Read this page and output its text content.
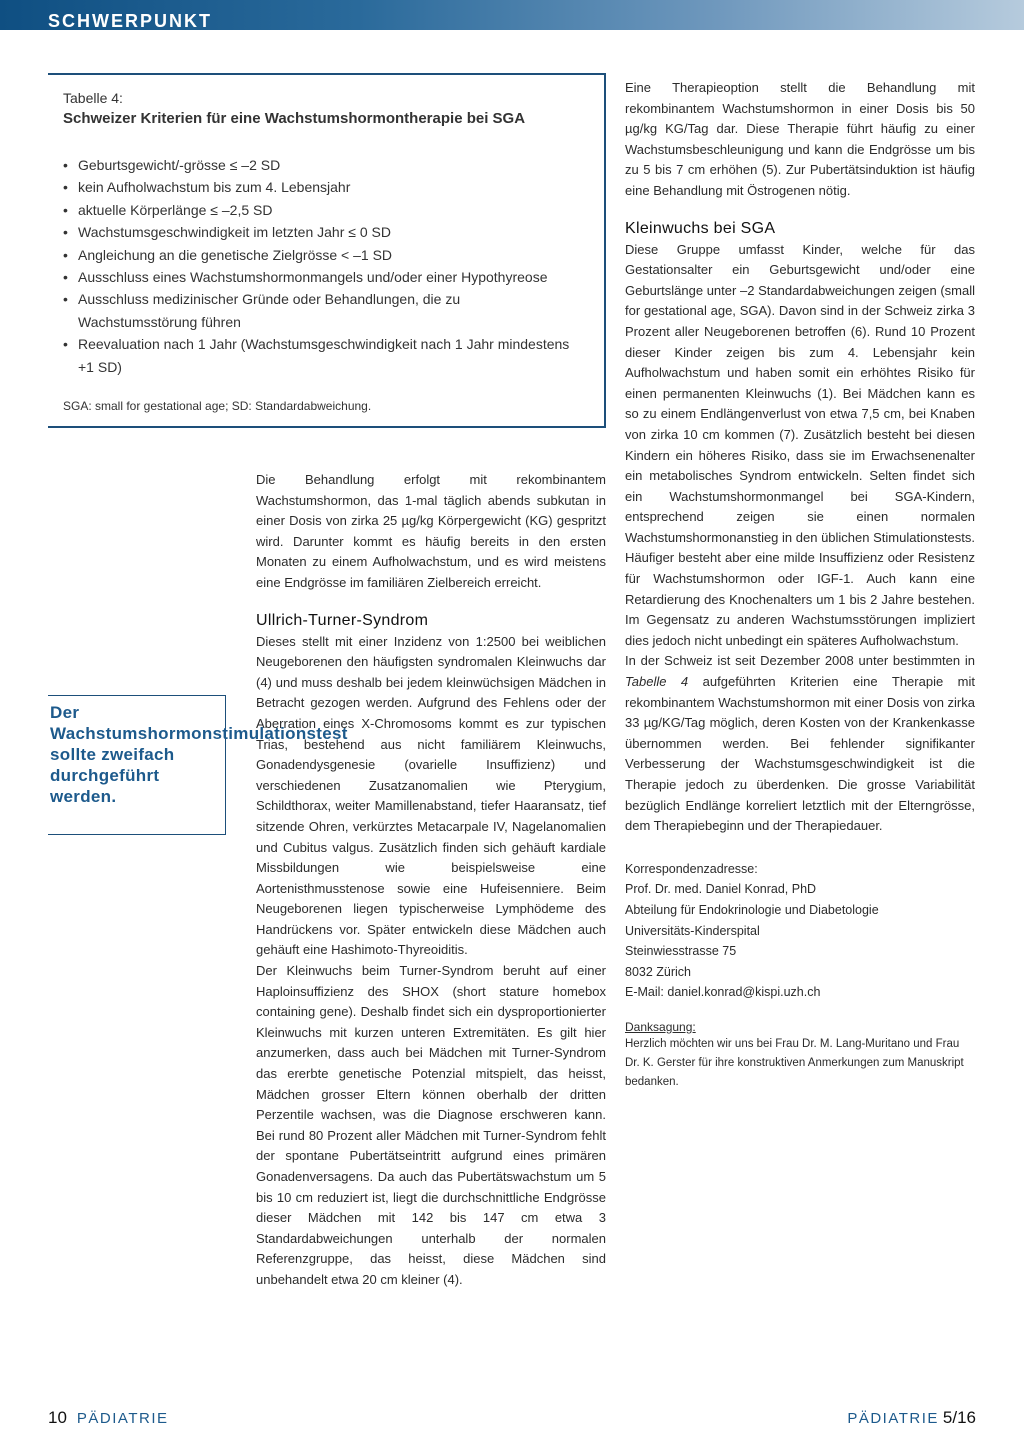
SCHWERPUNKT
Tabelle 4:
Schweizer Kriterien für eine Wachstumshormontherapie bei SGA
• Geburtsgewicht/-grösse ≤ –2 SD
• kein Aufholwachstum bis zum 4. Lebensjahr
• aktuelle Körperlänge ≤ –2,5 SD
• Wachstumsgeschwindigkeit im letzten Jahr ≤ 0 SD
• Angleichung an die genetische Zielgrösse < –1 SD
• Ausschluss eines Wachstumshormonmangels und/oder einer Hypothyreose
• Ausschluss medizinischer Gründe oder Behandlungen, die zu Wachstumsstörung führen
• Reevaluation nach 1 Jahr (Wachstumsgeschwindigkeit nach 1 Jahr mindestens +1 SD)
SGA: small for gestational age; SD: Standardabweichung.
Der Wachstumshormonstimulationstest sollte zweifach durchgeführt werden.

Die Behandlung erfolgt mit rekombinantem Wachstumshormon, das 1-mal täglich abends subkutan in einer Dosis von zirka 25 µg/kg Körpergewicht (KG) gespritzt wird. Darunter kommt es häufig bereits in den ersten Monaten zu einem Aufholwachstum, und es wird meistens eine Endgrösse im familiären Zielbereich erreicht.

Ullrich-Turner-Syndrom

Dieses stellt mit einer Inzidenz von 1:2500 bei weiblichen Neugeborenen den häufigsten syndromalen Kleinwuchs dar (4) und muss deshalb bei jedem kleinwüchsigen Mädchen in Betracht gezogen werden. Aufgrund des Fehlens oder der Aberration eines X-Chromosoms kommt es zur typischen Trias, bestehend aus nicht familiärem Kleinwuchs, Gonadendysgenesie (ovarielle Insuffizienz) und verschiedenen Zusatzanomalien wie Pterygium, Schildthorax, weiter Mamillenabstand, tiefer Haaransatz, tief sitzende Ohren, verkürztes Metacarpale IV, Nagelanomalien und Cubitus valgus. Zusätzlich finden sich gehäuft kardiale Missbildungen wie beispielsweise eine Aortenisthmusstenose sowie eine Hufeisenniere. Beim Neugeborenen liegen typischerweise Lymphödeme des Handrückens vor. Später entwickeln diese Mädchen auch gehäuft eine Hashimoto-Thyreoiditis.

Der Kleinwuchs beim Turner-Syndrom beruht auf einer Haploinsuffizienz des SHOX (short stature homebox containing gene). Deshalb findet sich ein dysproportionierter Kleinwuchs mit kurzen unteren Extremitäten. Es gilt hier anzumerken, dass auch bei Mädchen mit Turner-Syndrom das ererbte genetische Potenzial mitspielt, das heisst, Mädchen grosser Eltern können oberhalb der dritten Perzentile wachsen, was die Diagnose erschweren kann. Bei rund 80 Prozent aller Mädchen mit Turner-Syndrom fehlt der spontane Pubertätseintritt aufgrund eines primären Gonadenversagens. Da auch das Pubertätswachstum um 5 bis 10 cm reduziert ist, liegt die durchschnittliche Endgrösse dieser Mädchen mit 142 bis 147 cm etwa 3 Standardabweichungen unterhalb der normalen Referenzgruppe, das heisst, diese Mädchen sind unbehandelt etwa 20 cm kleiner (4).

Eine Therapieoption stellt die Behandlung mit rekombinantem Wachstumshormon in einer Dosis bis 50 µg/kg KG/Tag dar. Diese Therapie führt häufig zu einer Wachstumsbeschleunigung und kann die Endgrösse um bis zu 5 bis 7 cm erhöhen (5). Zur Pubertätsinduktion ist häufig eine Behandlung mit Östrogenen nötig.

Kleinwuchs bei SGA

Diese Gruppe umfasst Kinder, welche für das Gestationsalter ein Geburtsgewicht und/oder eine Geburtslänge unter –2 Standardabweichungen zeigen (small for gestational age, SGA). Davon sind in der Schweiz zirka 3 Prozent aller Neugeborenen betroffen (6). Rund 10 Prozent dieser Kinder zeigen bis zum 4. Lebensjahr kein Aufholwachstum und haben somit ein erhöhtes Risiko für einen permanenten Kleinwuchs (1). Bei Mädchen kann es so zu einem Endlängenverlust von etwa 7,5 cm, bei Knaben von zirka 10 cm kommen (7). Zusätzlich besteht bei diesen Kindern ein höheres Risiko, dass sie im Erwachsenenalter ein metabolisches Syndrom entwickeln. Selten findet sich ein Wachstumshormonmangel bei SGA-Kindern, entsprechend zeigen sie einen normalen Wachstumshormonanstieg in den üblichen Stimulationstests. Häufiger besteht aber eine milde Insuffizienz oder Resistenz für Wachstumshormon oder IGF-1. Auch kann eine Retardierung des Knochenalters um 1 bis 2 Jahre bestehen. Im Gegensatz zu anderen Wachstumsstörungen impliziert dies jedoch nicht unbedingt ein späteres Aufholwachstum.

In der Schweiz ist seit Dezember 2008 unter bestimmten in Tabelle 4 aufgeführten Kriterien eine Therapie mit rekombinantem Wachstumshormon mit einer Dosis von zirka 33 µg/KG/Tag möglich, deren Kosten von der Krankenkasse übernommen werden. Bei fehlender signifikanter Verbesserung der Wachstumsgeschwindigkeit ist die Therapie jedoch zu überdenken. Die grosse Variabilität bezüglich Endlänge korreliert letztlich mit der Elterngrösse, dem Therapiebeginn und der Therapiedauer.

Korrespondenzadresse:
Prof. Dr. med. Daniel Konrad, PhD
Abteilung für Endokrinologie und Diabetologie
Universitäts-Kinderspital
Steinwiesstrasse 75
8032 Zürich
E-Mail: daniel.konrad@kispi.uzh.ch
Danksagung:
Herzlich möchten wir uns bei Frau Dr. M. Lang-Muritano und Frau Dr. K. Gerster für ihre konstruktiven Anmerkungen zum Manuskript bedanken.
10 PÄDIATRIE	PÄDIATRIE 5/16
